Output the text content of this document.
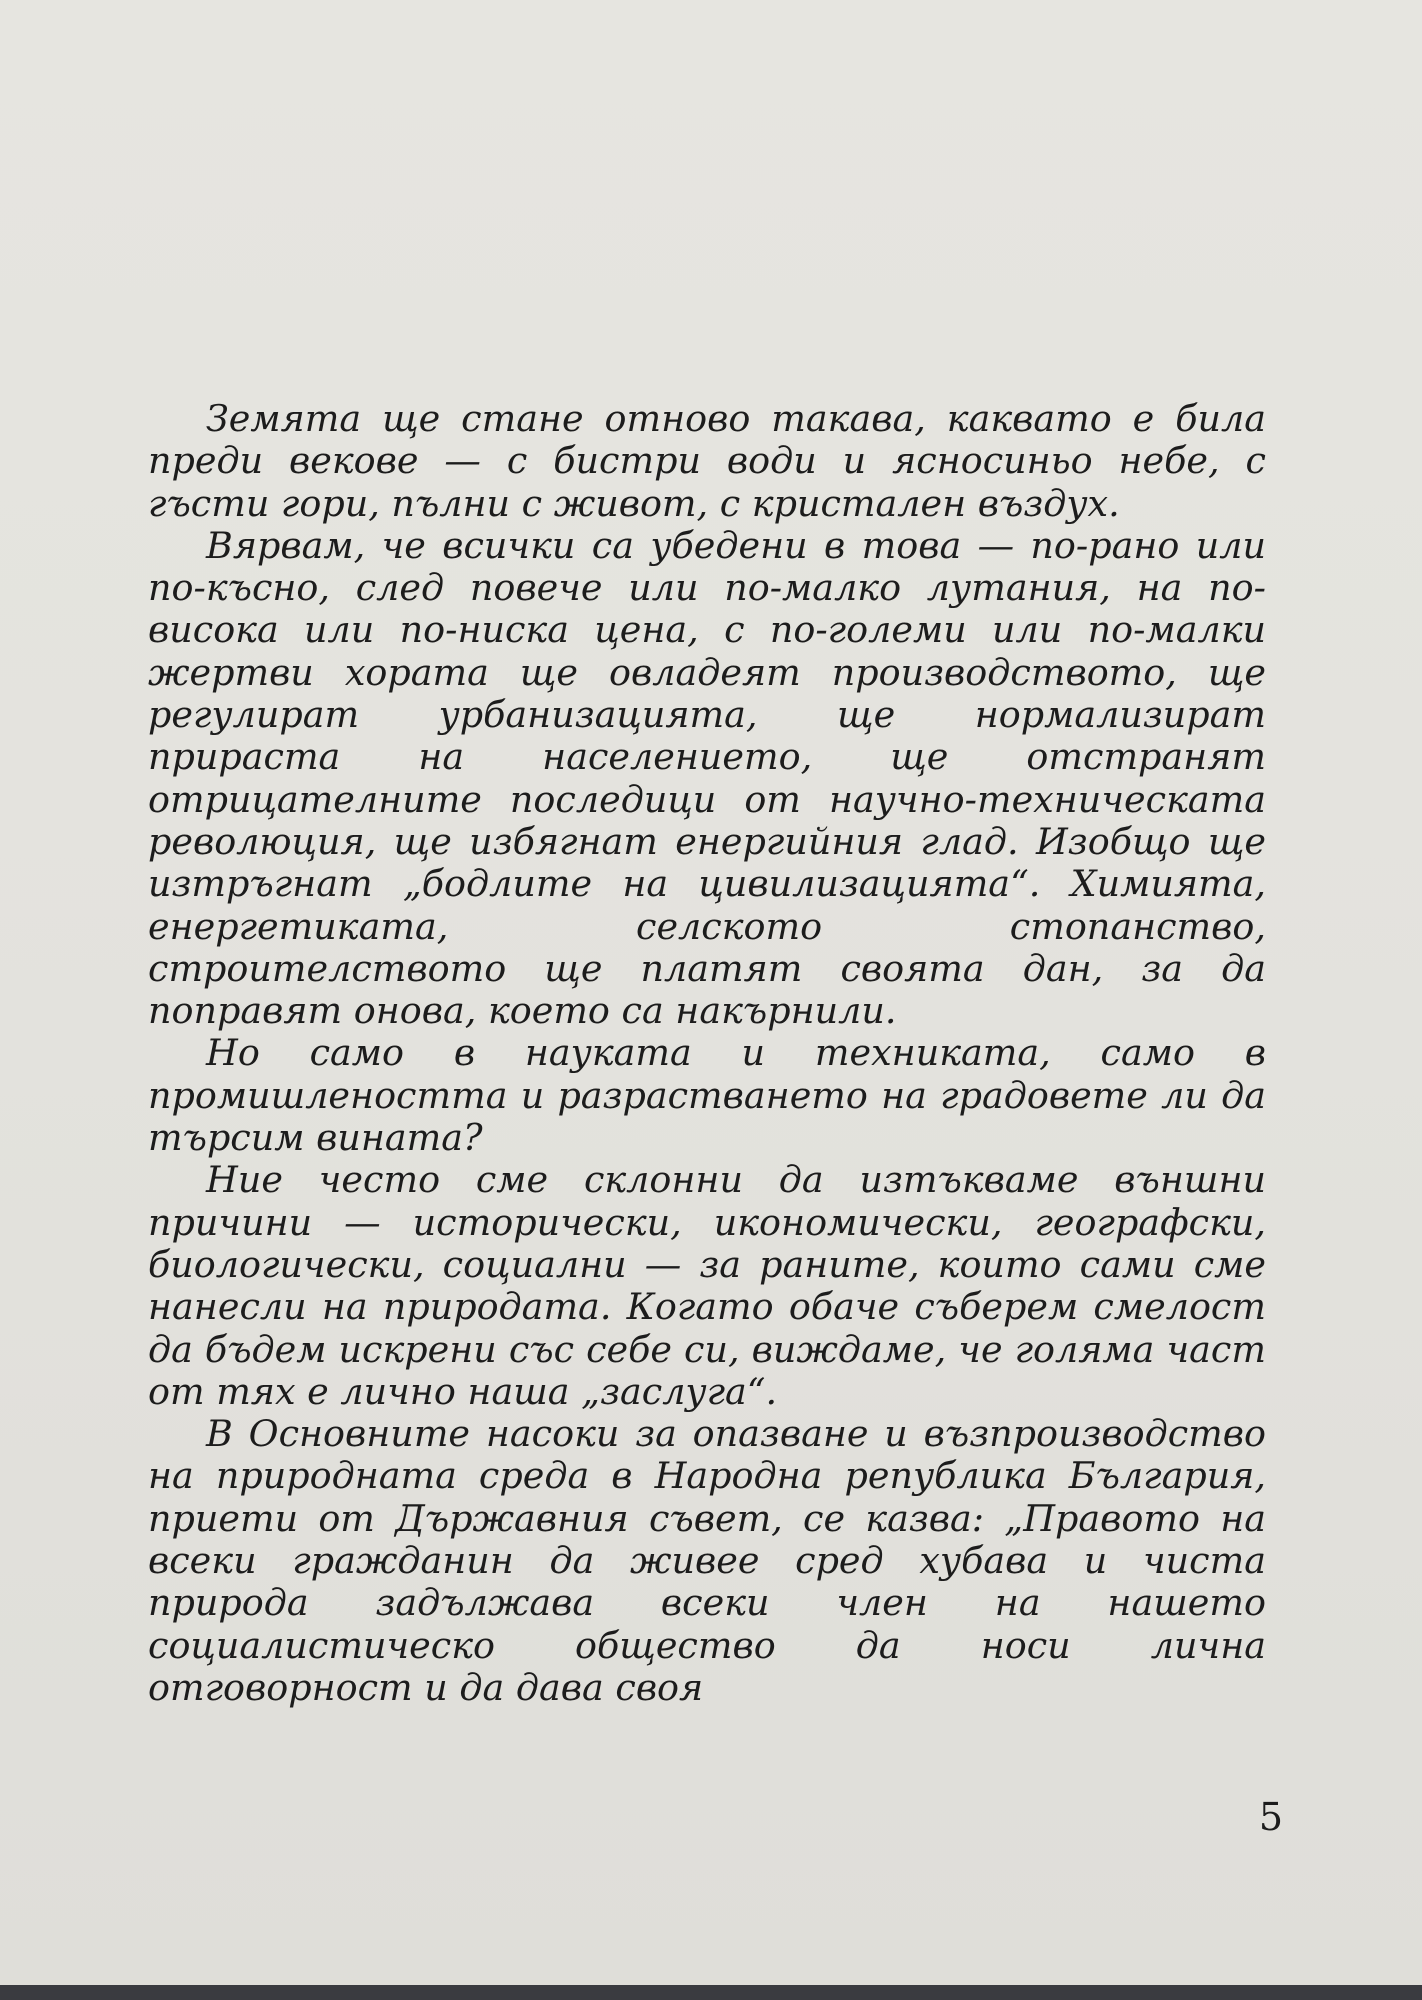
Земята ще стане отново такава, каквато е била преди векове — с бистри води и ясносиньо небе, с гъсти гори, пълни с живот, с кристален въздух.

Вярвам, че всички са убедени в това — по-рано или по-късно, след повече или по-малко лутания, на по-висока или по-ниска цена, с по-големи или по-малки жертви хората ще овладеят производството, ще регулират урбанизацията, ще нормализират прираста на населението, ще отстранят отрицателните последици от научно-техническата революция, ще избягнат енергийния глад. Изобщо ще изтръгнат „бодлите на цивилизацията“. Химията, енергетиката, селското стопанство, строителството ще платят своята дан, за да поправят онова, което са накърнили.

Но само в науката и техниката, само в промишлеността и разрастването на градовете ли да търсим вината?

Ние често сме склонни да изтъкваме външни причини — исторически, икономически, географски, биологически, социални — за раните, които сами сме нанесли на природата. Когато обаче съберем смелост да бъдем искрени със себе си, виждаме, че голяма част от тях е лично наша „заслуга“.

В Основните насоки за опазване и възпроизводство на природната среда в Народна република България, приети от Държавния съвет, се казва: „Правото на всеки гражданин да живее сред хубава и чиста природа задължава всеки член на нашето социалистическо общество да носи лична отговорност и да дава своя

5
